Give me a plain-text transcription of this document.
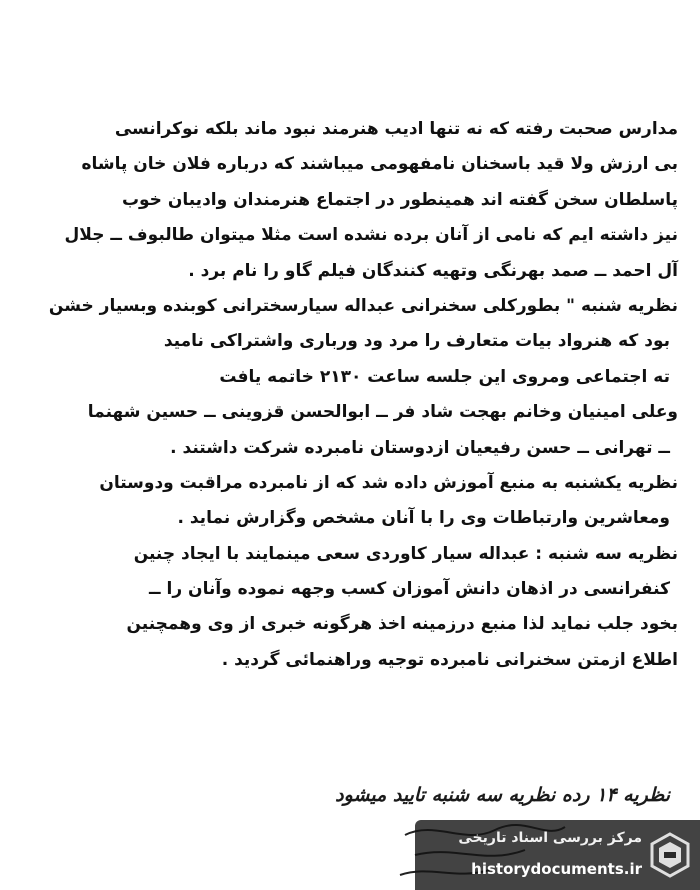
مدارس صحبت رفته که نه تنها ادیب هنرمند نبود ماند بلکه نوکرانسی
بی ارزش ولا قید باسخنان نامفهومی میباشند که درباره فلان خان پاشاه
پاسلطان سخن گفته اند همینطور در اجتماع هنرمندان وادیبان خوب
نیز داشته ایم که نامی از آنان برده نشده است مثلا میتوان طالبوف ــ جلال
آل احمد ــ صمد بهرنگی وتهیه کنندگان فیلم گاو را نام برد .
نظریه شنبه " بطورکلی سخنرانی عبداله سیارسخترانی کوبنده وبسیار خشن
بود که هنرواد بیات متعارف را مرد ود ورباری واشتراکی نامید
ته اجتماعی ومروی این جلسه ساعت ۲۱۳۰ خاتمه یافت
وعلی امینیان وخانم بهجت شاد فر ــ ابوالحسن قزوینی ــ حسین شهنما
ــ تهرانی ــ حسن رفیعیان ازدوستان نامبرده شرکت داشتند .
نظریه یکشنبه به منبع آموزش داده شد که از نامبرده مراقبت ودوستان
ومعاشرین وارتباطات وی را با آنان مشخص وگزارش نماید .
نظریه سه شنبه : عبداله سیار کاوردی سعی مینمایند با ایجاد چنین
کنفرانسی در اذهان دانش آموزان کسب وجهه نموده وآنان را ــ
بخود جلب نماید لذا منبع درزمینه اخذ هرگونه خبری از وی وهمچنین
اطلاع ازمتن سخنرانی نامبرده توجیه وراهنمائی گردید .
نظریه ۱۴ رده نظریه سه شنبه تایید میشود
مرکز بررسی اسناد تاریخی
historydocuments.ir
